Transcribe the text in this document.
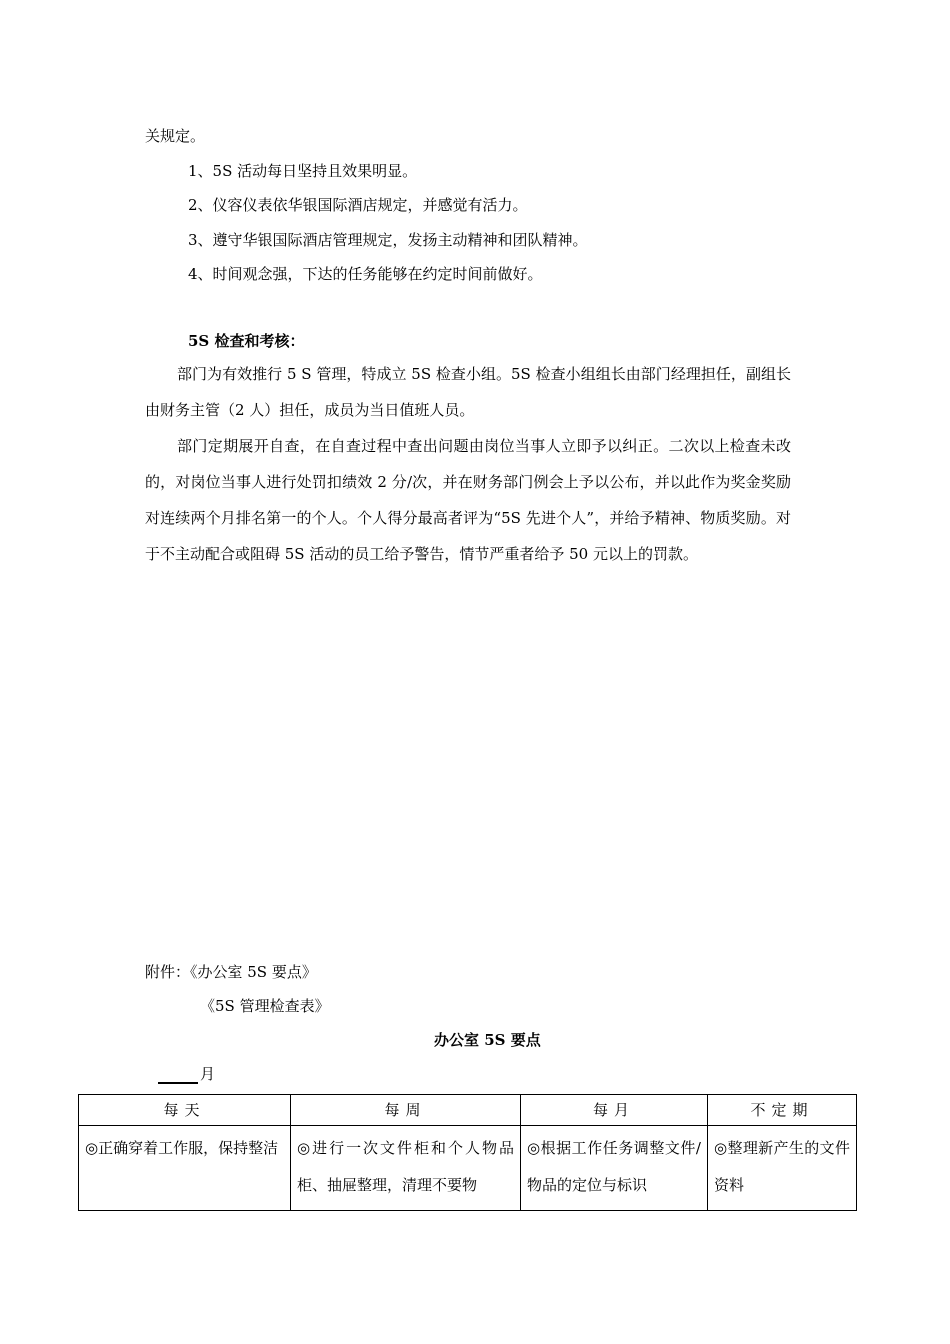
关规定。
1、5S 活动每日坚持且效果明显。
2、仪容仪表依华银国际酒店规定，并感觉有活力。
3、遵守华银国际酒店管理规定，发扬主动精神和团队精神。
4、时间观念强，下达的任务能够在约定时间前做好。
5S 检查和考核：
部门为有效推行 5 S 管理，特成立 5S 检查小组。5S 检查小组组长由部门经理担任，副组长由财务主管（2 人）担任，成员为当日值班人员。
部门定期展开自查，在自查过程中查出问题由岗位当事人立即予以纠正。二次以上检查未改的，对岗位当事人进行处罚扣绩效 2 分/次，并在财务部门例会上予以公布，并以此作为奖金奖励对连续两个月排名第一的个人。个人得分最高者评为“5S 先进个人”，并给予精神、物质奖励。对于不主动配合或阻碍 5S 活动的员工给予警告，情节严重者给予 50 元以上的罚款。
附件：《办公室 5S 要点》
《5S 管理检查表》
办公室 5S 要点
月
每天	每周	每月	不定期
◎正确穿着工作服，保持整洁	◎进行一次文件柜和个人物品柜、抽屉整理，清理不要物	◎根据工作任务调整文件/物品的定位与标识	◎整理新产生的文件资料
